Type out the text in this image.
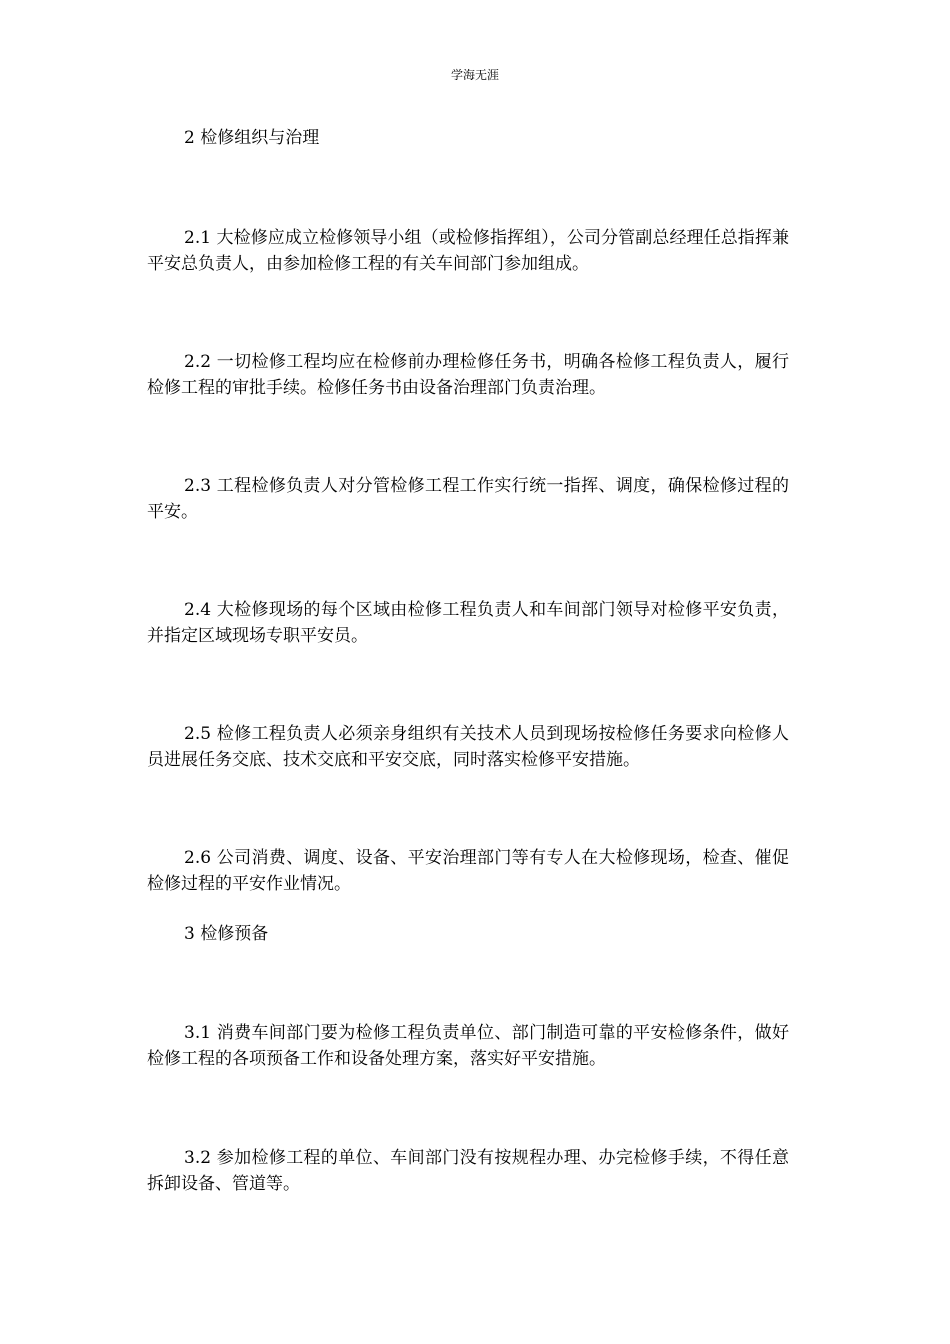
学海无涯

2 检修组织与治理

2.1 大检修应成立检修领导小组（或检修指挥组），公司分管副总经理任总指挥兼平安总负责人，由参加检修工程的有关车间部门参加组成。

2.2 一切检修工程均应在检修前办理检修任务书，明确各检修工程负责人，履行检修工程的审批手续。检修任务书由设备治理部门负责治理。

2.3 工程检修负责人对分管检修工程工作实行统一指挥、调度，确保检修过程的平安。

2.4 大检修现场的每个区域由检修工程负责人和车间部门领导对检修平安负责，并指定区域现场专职平安员。

2.5 检修工程负责人必须亲身组织有关技术人员到现场按检修任务要求向检修人员进展任务交底、技术交底和平安交底，同时落实检修平安措施。

2.6 公司消费、调度、设备、平安治理部门等有专人在大检修现场，检查、催促检修过程的平安作业情况。

3 检修预备

3.1 消费车间部门要为检修工程负责单位、部门制造可靠的平安检修条件，做好检修工程的各项预备工作和设备处理方案，落实好平安措施。

3.2 参加检修工程的单位、车间部门没有按规程办理、办完检修手续，不得任意拆卸设备、管道等。
